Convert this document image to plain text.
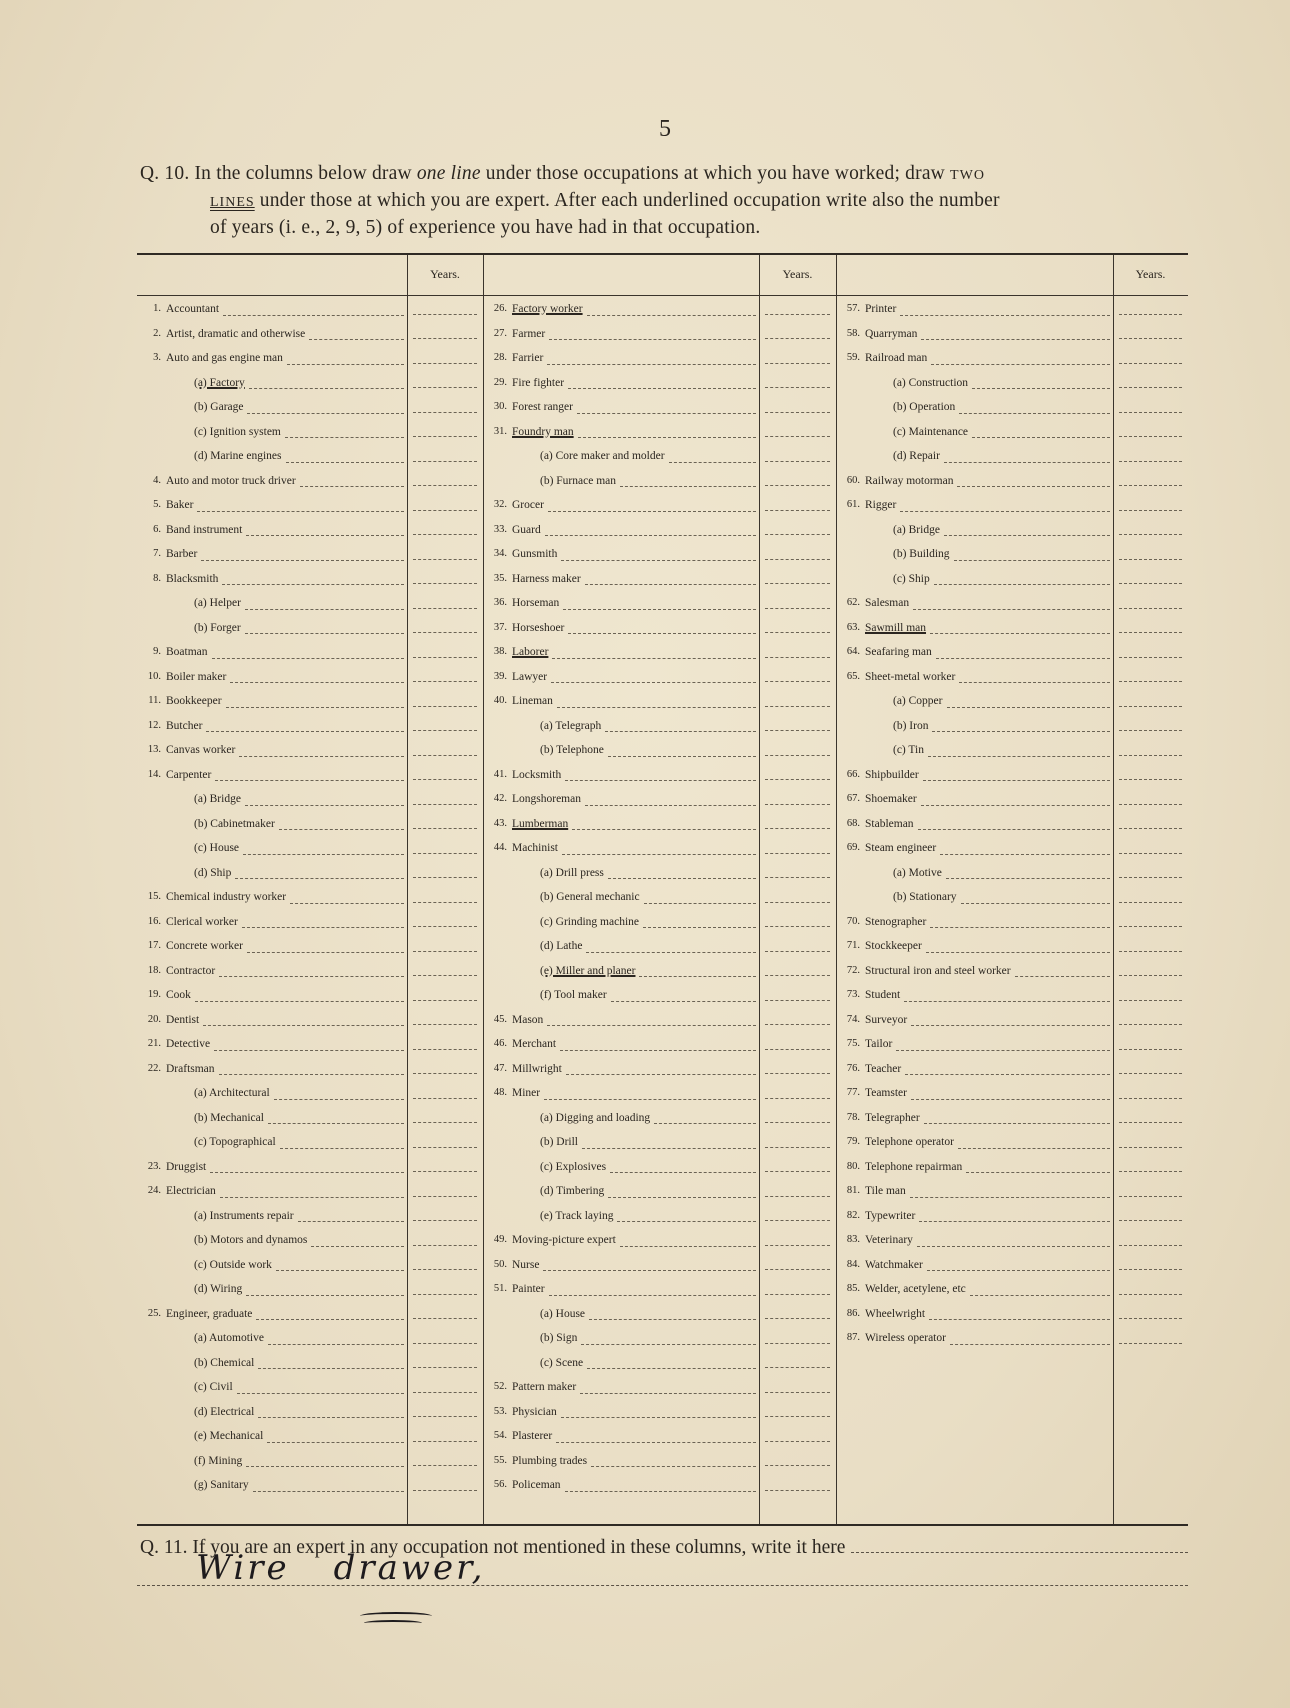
5
Q. 10. In the columns below draw one line under those occupations at which you have worked; draw two
lines under those at which you are expert. After each underlined occupation write also the number
of years (i. e., 2, 9, 5) of experience you have had in that occupation.
Years.	Years.	Years.
1. Accountant
2. Artist, dramatic and otherwise
3. Auto and gas engine man
(a) Factory
(b) Garage
(c) Ignition system
(d) Marine engines
4. Auto and motor truck driver
5. Baker
6. Band instrument
7. Barber
8. Blacksmith
(a) Helper
(b) Forger
9. Boatman
10. Boiler maker
11. Bookkeeper
12. Butcher
13. Canvas worker
14. Carpenter
(a) Bridge
(b) Cabinetmaker
(c) House
(d) Ship
15. Chemical industry worker
16. Clerical worker
17. Concrete worker
18. Contractor
19. Cook
20. Dentist
21. Detective
22. Draftsman
(a) Architectural
(b) Mechanical
(c) Topographical
23. Druggist
24. Electrician
(a) Instruments repair
(b) Motors and dynamos
(c) Outside work
(d) Wiring
25. Engineer, graduate
(a) Automotive
(b) Chemical
(c) Civil
(d) Electrical
(e) Mechanical
(f) Mining
(g) Sanitary
26. Factory worker
27. Farmer
28. Farrier
29. Fire fighter
30. Forest ranger
31. Foundry man
(a) Core maker and molder
(b) Furnace man
32. Grocer
33. Guard
34. Gunsmith
35. Harness maker
36. Horseman
37. Horseshoer
38. Laborer
39. Lawyer
40. Lineman
(a) Telegraph
(b) Telephone
41. Locksmith
42. Longshoreman
43. Lumberman
44. Machinist
(a) Drill press
(b) General mechanic
(c) Grinding machine
(d) Lathe
(e) Miller and planer
(f) Tool maker
45. Mason
46. Merchant
47. Millwright
48. Miner
(a) Digging and loading
(b) Drill
(c) Explosives
(d) Timbering
(e) Track laying
49. Moving-picture expert
50. Nurse
51. Painter
(a) House
(b) Sign
(c) Scene
52. Pattern maker
53. Physician
54. Plasterer
55. Plumbing trades
56. Policeman
57. Printer
58. Quarryman
59. Railroad man
(a) Construction
(b) Operation
(c) Maintenance
(d) Repair
60. Railway motorman
61. Rigger
(a) Bridge
(b) Building
(c) Ship
62. Salesman
63. Sawmill man
64. Seafaring man
65. Sheet-metal worker
(a) Copper
(b) Iron
(c) Tin
66. Shipbuilder
67. Shoemaker
68. Stableman
69. Steam engineer
(a) Motive
(b) Stationary
70. Stenographer
71. Stockkeeper
72. Structural iron and steel worker
73. Student
74. Surveyor
75. Tailor
76. Teacher
77. Teamster
78. Telegrapher
79. Telephone operator
80. Telephone repairman
81. Tile man
82. Typewriter
83. Veterinary
84. Watchmaker
85. Welder, acetylene, etc
86. Wheelwright
87. Wireless operator
Q. 11. If you are an expert in any occupation not mentioned in these columns, write it here
Wire drawer,
